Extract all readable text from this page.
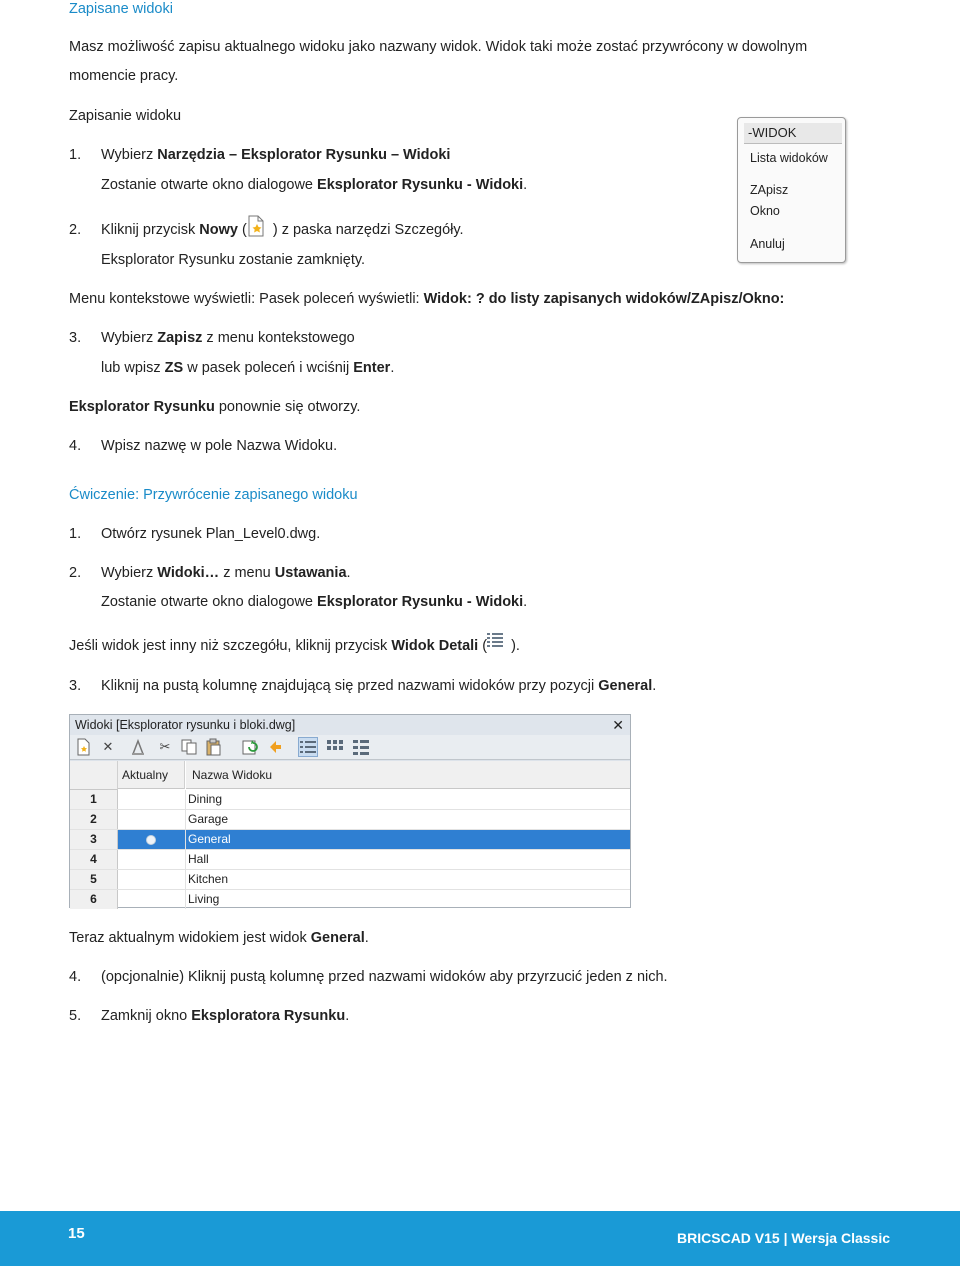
Zapisane widoki
Masz możliwość zapisu aktualnego widoku jako nazwany widok. Widok taki może zostać przywrócony w dowolnym
momencie pracy.
Zapisanie widoku
1. Wybierz Narzędzia – Eksplorator Rysunku – Widoki
Zostanie otwarte okno dialogowe Eksplorator Rysunku - Widoki.
2. Kliknij przycisk Nowy ( ) z paska narzędzi Szczegóły.
Eksplorator Rysunku zostanie zamknięty.
Menu kontekstowe wyświetli: Pasek poleceń wyświetli: Widok: ? do listy zapisanych widoków/ZApisz/Okno:
3. Wybierz Zapisz z menu kontekstowego
lub wpisz ZS w pasek poleceń i wciśnij Enter.
Eksplorator Rysunku ponownie się otworzy.
4. Wpisz nazwę w pole Nazwa Widoku.
-WIDOK
Lista widoków
ZApisz
Okno
Anuluj
Ćwiczenie: Przywrócenie zapisanego widoku
1. Otwórz rysunek Plan_Level0.dwg.
2. Wybierz Widoki… z menu Ustawania.
Zostanie otwarte okno dialogowe Eksplorator Rysunku - Widoki.
Jeśli widok jest inny niż szczegółu, kliknij przycisk Widok Detali ( ).
3. Kliknij na pustą kolumnę znajdującą się przed nazwami widoków przy pozycji General.
Widoki [Eksplorator rysunku i bloki.dwg]	✕
✕	✂
Aktualny	Nazwa Widoku
1	Dining
2	Garage
3	General
4	Hall
5	Kitchen
6	Living
Teraz aktualnym widokiem jest widok General.
4. (opcjonalnie) Kliknij pustą kolumnę przed nazwami widoków aby przyrzucić jeden z nich.
5. Zamknij okno Eksploratora Rysunku.
15	BRICSCAD V15 | Wersja Classic
